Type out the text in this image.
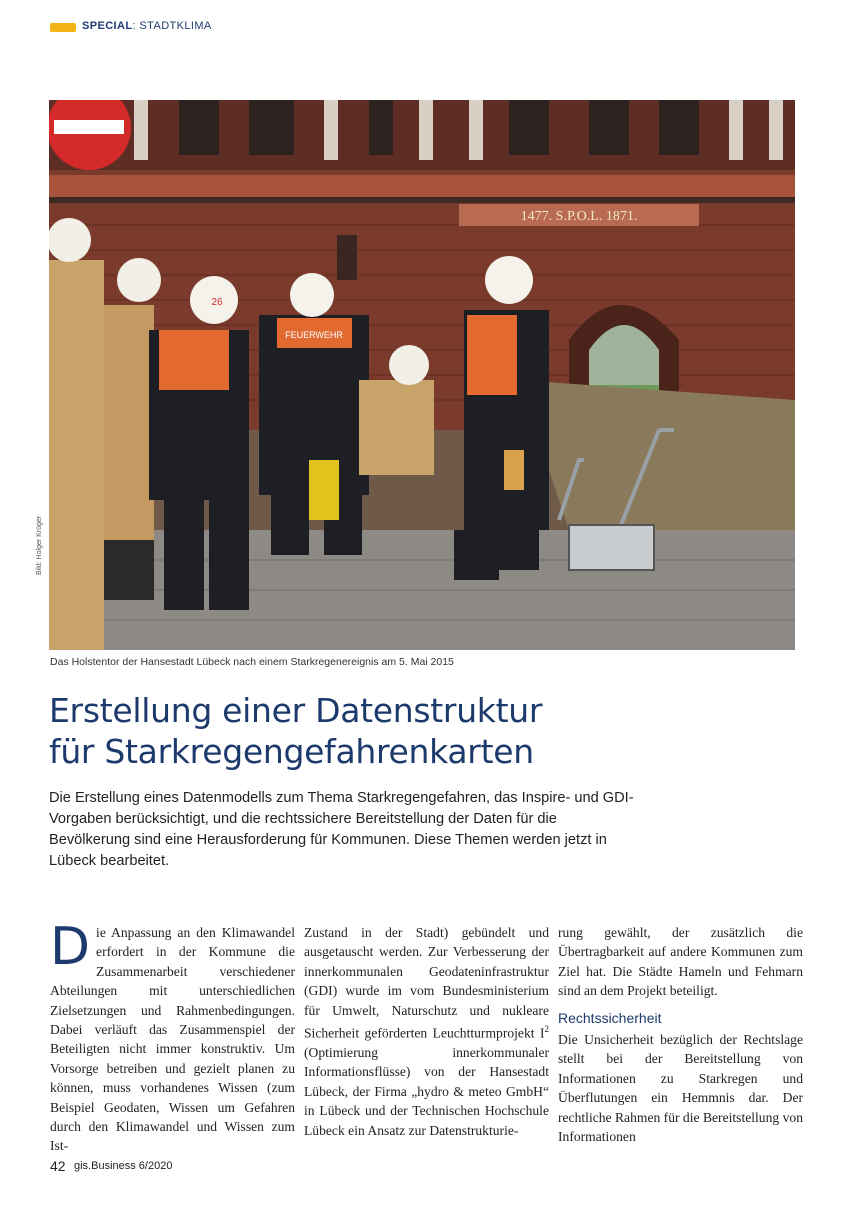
SPECIAL: STADTKLIMA
1477. S.P.O.L. 1871.
26
FEUERWEHR
Bild: Holger Krüger
Das Holstentor der Hansestadt Lübeck nach einem Starkregenereignis am 5. Mai 2015
Erstellung einer Datenstruktur
für Starkregengefahrenkarten
Die Erstellung eines Datenmodells zum Thema Starkregengefahren, das Inspire- und GDI-Vorgaben berücksichtigt, und die rechtssichere Bereitstellung der Daten für die Bevölkerung sind eine Herausforderung für Kommunen. Diese Themen werden jetzt in Lübeck bearbeitet.
D ie Anpassung an den Klimawandel erfordert in der Kommune die Zusammenarbeit verschiedener Abteilungen mit unterschiedlichen Zielsetzungen und Rahmenbedingungen. Dabei verläuft das Zusammenspiel der Beteiligten nicht immer konstruktiv. Um Vorsorge betreiben und gezielt planen zu können, muss vorhandenes Wissen (zum Beispiel Geodaten, Wissen um Gefahren durch den Klimawandel und Wissen zum Ist-

Zustand in der Stadt) gebündelt und ausgetauscht werden. Zur Verbesserung der innerkommunalen Geodateninfrastruktur (GDI) wurde im vom Bundesministerium für Umwelt, Naturschutz und nukleare Sicherheit geförderten Leuchtturmprojekt $I^2$ (Optimierung innerkommunaler Informationsflüsse) von der Hansestadt Lübeck, der Firma „hydro & meteo GmbH“ in Lübeck und der Technischen Hochschule Lübeck ein Ansatz zur Datenstrukturie-

rung gewählt, der zusätzlich die Übertragbarkeit auf andere Kommunen zum Ziel hat. Die Städte Hameln und Fehmarn sind an dem Projekt beteiligt.

Rechtssicherheit

Die Unsicherheit bezüglich der Rechtslage stellt bei der Bereitstellung von Informationen zu Starkregen und Überflutungen ein Hemmnis dar. Der rechtliche Rahmen für die Bereitstellung von Informationen

42 gis.Business 6/2020
